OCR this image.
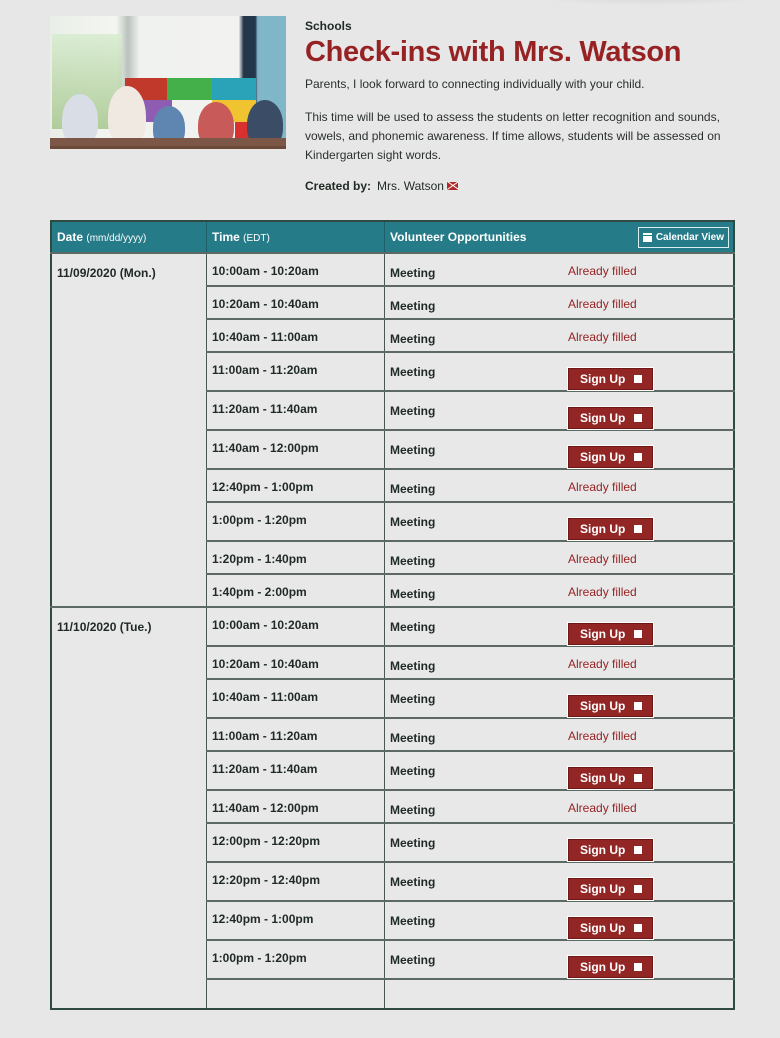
Schools
Check-ins with Mrs. Watson

Parents, I look forward to connecting individually with your child.

This time will be used to assess the students on letter recognition and sounds, vowels, and phonemic awareness. If time allows, students will be assessed on Kindergarten sight words.

Created by: Mrs. Watson
Date (mm/dd/yyyy)	Time (EDT)	Volunteer Opportunities Calendar View

11/09/2020 (Mon.)	10:00am - 10:20am	Meeting Already filled

	10:20am - 10:40am	Meeting Already filled

	10:40am - 11:00am	Meeting Already filled

	11:00am - 11:20am	Meeting Sign Up

	11:20am - 11:40am	Meeting Sign Up

	11:40am - 12:00pm	Meeting Sign Up

	12:40pm - 1:00pm	Meeting Already filled

	1:00pm - 1:20pm	Meeting Sign Up

	1:20pm - 1:40pm	Meeting Already filled

	1:40pm - 2:00pm	Meeting Already filled

11/10/2020 (Tue.)	10:00am - 10:20am	Meeting Sign Up

	10:20am - 10:40am	Meeting Already filled

	10:40am - 11:00am	Meeting Sign Up

	11:00am - 11:20am	Meeting Already filled

	11:20am - 11:40am	Meeting Sign Up

	11:40am - 12:00pm	Meeting Already filled

	12:00pm - 12:20pm	Meeting Sign Up

	12:20pm - 12:40pm	Meeting Sign Up

	12:40pm - 1:00pm	Meeting Sign Up

	1:00pm - 1:20pm	Meeting Sign Up
